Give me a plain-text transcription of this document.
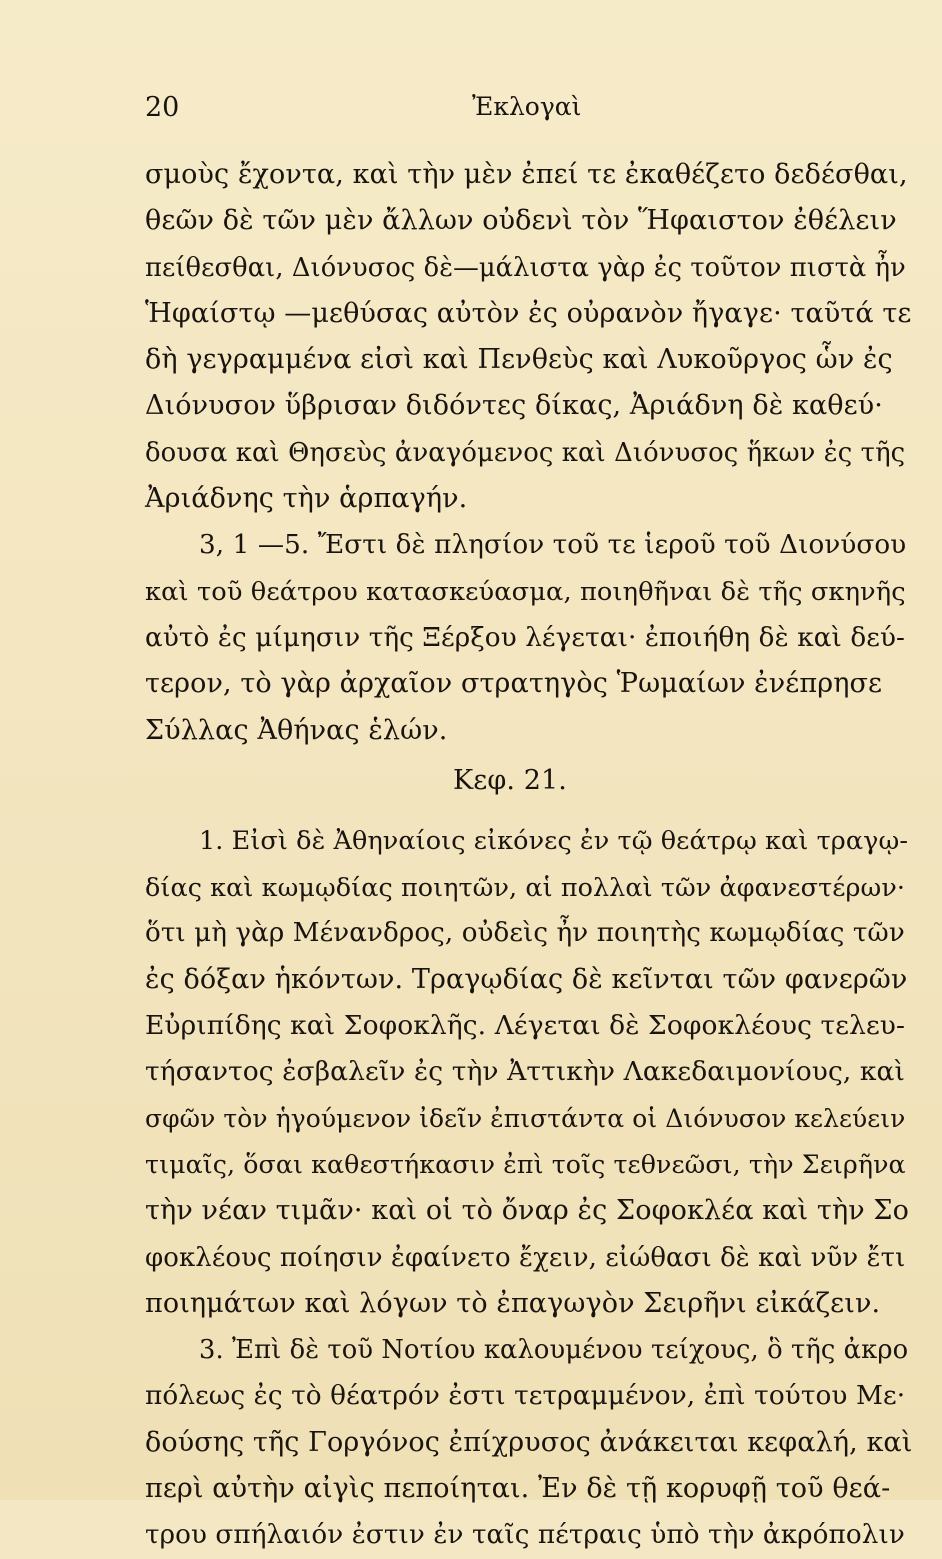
20	Ἐκλογαὶ
σμοὺς ἔχοντα, καὶ τὴν μὲν ἐπεί τε ἐκαθέζετο δεδέσθαι,
θεῶν δὲ τῶν μὲν ἄλλων οὐδενὶ τὸν Ἥφαιστον ἐθέλειν
πείθεσθαι, Διόνυσος δὲ—μάλιστα γὰρ ἐς τοῦτον πιστὰ ἦν
Ἡφαίστῳ —μεθύσας αὐτὸν ἐς οὐρανὸν ἤγαγε· ταῦτά τε
δὴ γεγραμμένα εἰσὶ καὶ Πενθεὺς καὶ Λυκοῦργος ὧν ἐς
Διόνυσον ὕβρισαν διδόντες δίκας, Ἀριάδνη δὲ καθεύ·
δουσα καὶ Θησεὺς ἀναγόμενος καὶ Διόνυσος ἥκων ἐς τῆς
Ἀριάδνης τὴν ἁρπαγήν.
3, 1 —5. Ἔστι δὲ πλησίον τοῦ τε ἱεροῦ τοῦ Διονύσου
καὶ τοῦ θεάτρου κατασκεύασμα, ποιηθῆναι δὲ τῆς σκηνῆς
αὐτὸ ἐς μίμησιν τῆς Ξέρξου λέγεται· ἐποιήθη δὲ καὶ δεύ-
τερον, τὸ γὰρ ἀρχαῖον στρατηγὸς Ῥωμαίων ἐνέπρησε
Σύλλας Ἀθήνας ἑλών.
Κεφ. 21.
1. Εἰσὶ δὲ Ἀθηναίοις εἰκόνες ἐν τῷ θεάτρῳ καὶ τραγῳ-
δίας καὶ κωμῳδίας ποιητῶν, αἱ πολλαὶ τῶν ἀφανεστέρων·
ὅτι μὴ γὰρ Μένανδρος, οὐδεὶς ἦν ποιητὴς κωμῳδίας τῶν
ἐς δόξαν ἡκόντων. Τραγῳδίας δὲ κεῖνται τῶν φανερῶν
Εὐριπίδης καὶ Σοφοκλῆς. Λέγεται δὲ Σοφοκλέους τελευ-
τήσαντος ἐσβαλεῖν ἐς τὴν Ἀττικὴν Λακεδαιμονίους, καὶ
σφῶν τὸν ἡγούμενον ἰδεῖν ἐπιστάντα οἱ Διόνυσον κελεύειν
τιμαῖς, ὅσαι καθεστήκασιν ἐπὶ τοῖς τεθνεῶσι, τὴν Σειρῆνα
τὴν νέαν τιμᾶν· καὶ οἱ τὸ ὄναρ ἐς Σοφοκλέα καὶ τὴν Σο
φοκλέους ποίησιν ἐφαίνετο ἔχειν, εἰώθασι δὲ καὶ νῦν ἔτι
ποιημάτων καὶ λόγων τὸ ἐπαγωγὸν Σειρῆνι εἰκάζειν.
3. Ἐπὶ δὲ τοῦ Νοτίου καλουμένου τείχους, ὃ τῆς ἀκρο
πόλεως ἐς τὸ θέατρόν ἐστι τετραμμένον, ἐπὶ τούτου Με·
δούσης τῆς Γοργόνος ἐπίχρυσος ἀνάκειται κεφαλή, καὶ
περὶ αὐτὴν αἰγὶς πεποίηται. Ἐν δὲ τῇ κορυφῇ τοῦ θεά-
τρου σπήλαιόν ἐστιν ἐν ταῖς πέτραις ὑπὸ τὴν ἀκρόπολιν
